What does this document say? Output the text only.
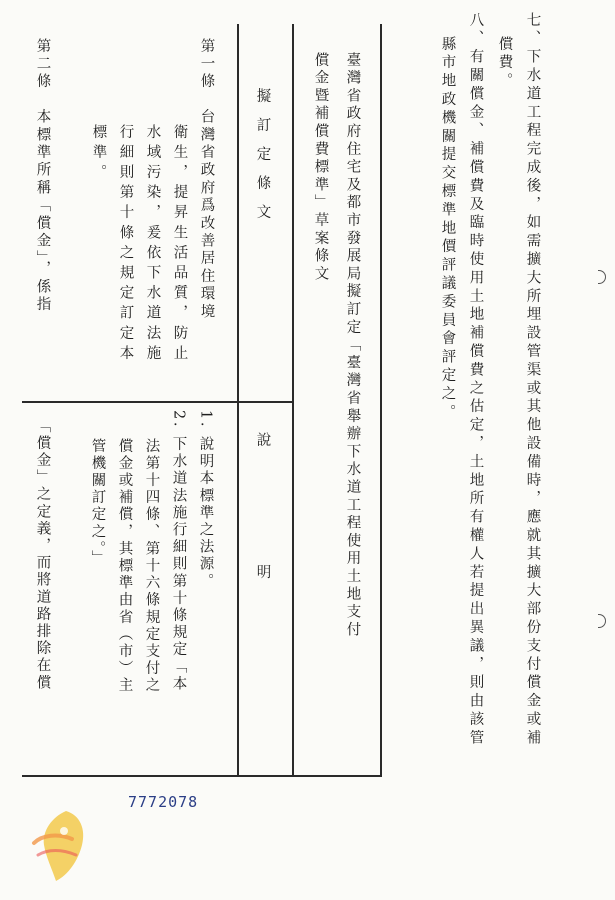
七、下水道工程完成後，如需擴大所埋設管渠或其他設備時，應就其擴大部份支付償金或補
償費。
八、有關償金、補償費及臨時使用土地補償費之估定，土地所有權人若提出異議，則由該管
縣市地政機關提交標準地價評議委員會評定之。
臺灣省政府住宅及都市發展局擬訂定「臺灣省舉辦下水道工程使用土地支付
償金暨補償費標準」草案條文
擬　訂　定　條　文
說　　　　　　　明
第一條　台灣省政府爲改善居住環境
衛生，提昇生活品質，防止
水域污染，爰依下水道法施
行細則第十條之規定訂定本
標準。
第二條　本標準所稱「償金」，係指
1. 說明本標準之法源。
2. 下水道法施行細則第十條規定「本
法第十四條、第十六條規定支付之
償金或補償，其標準由省（市）主
管機關訂定之。」
「償金」之定義，而將道路排除在償
7772078
